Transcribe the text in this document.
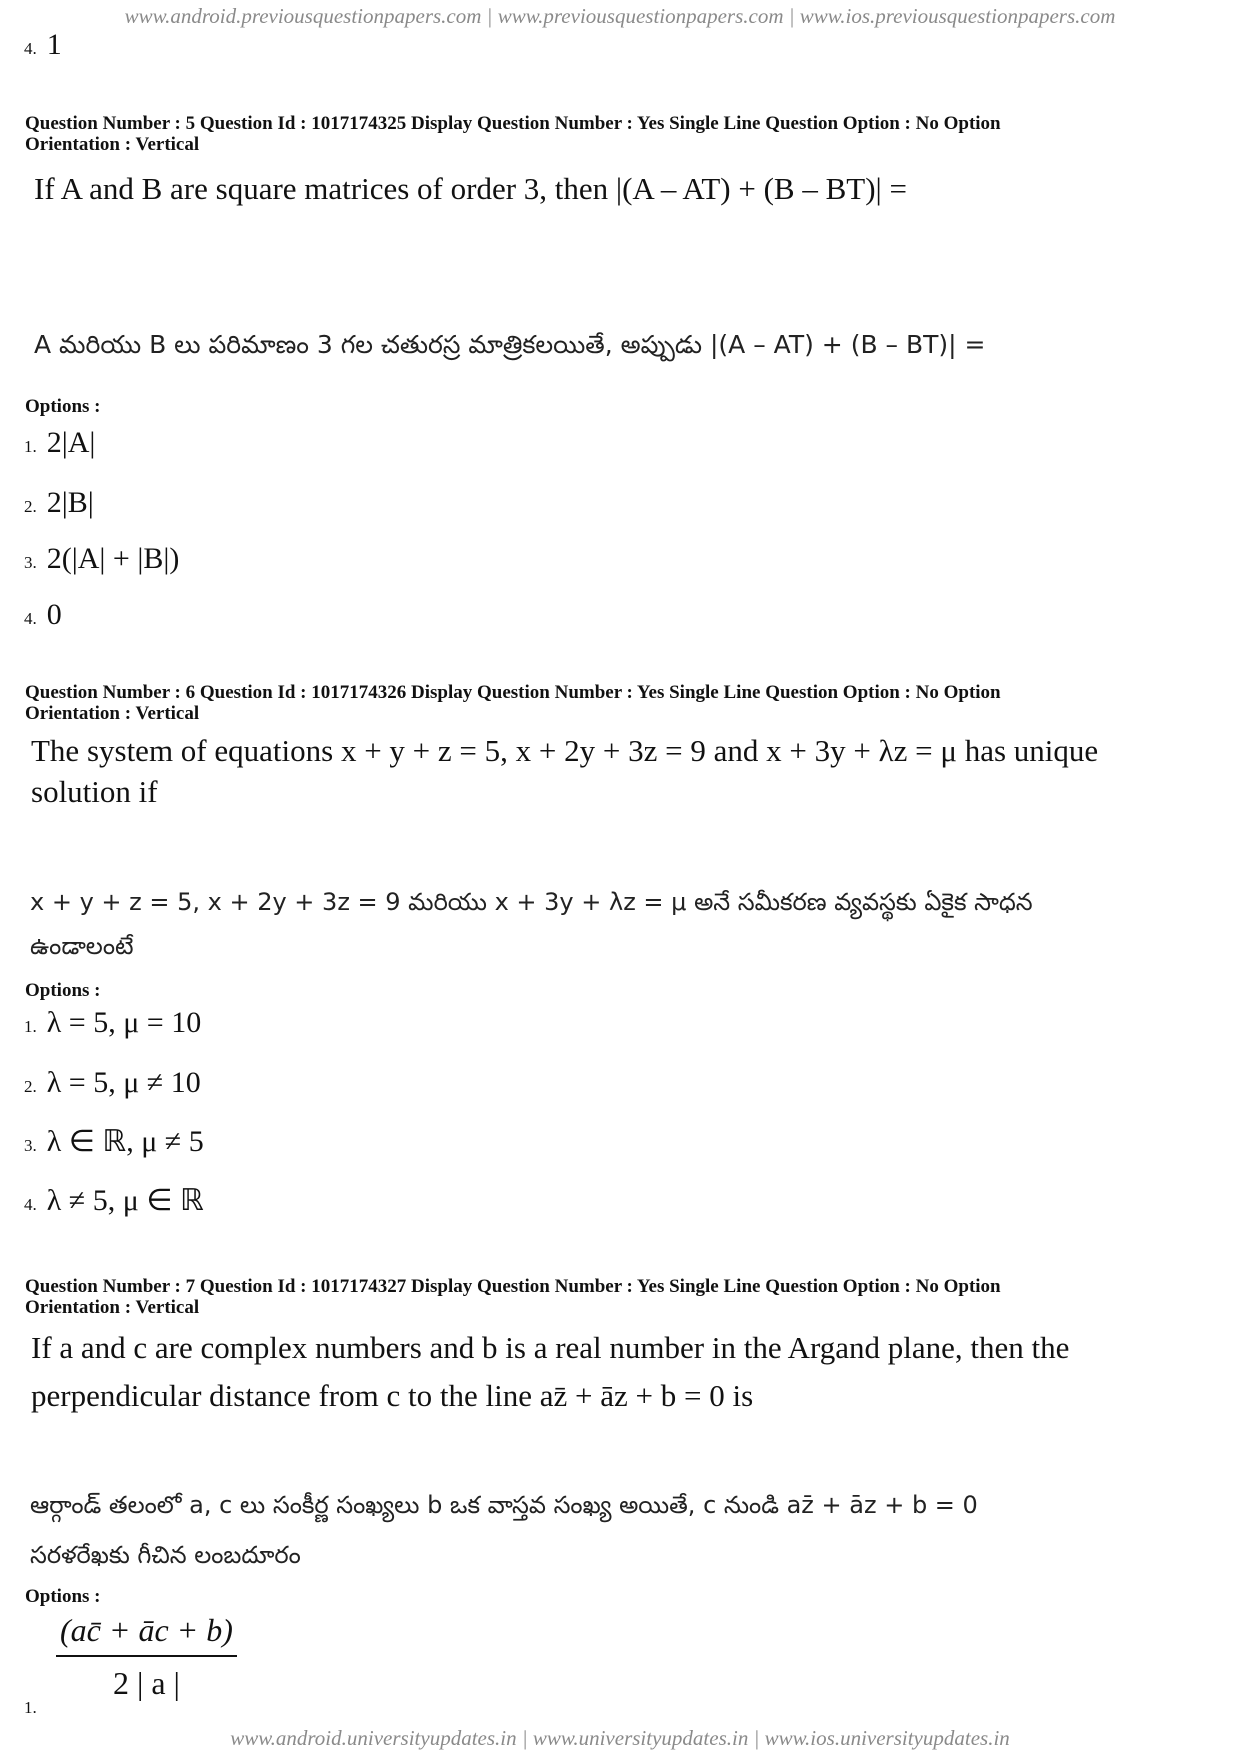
www.android.previousquestionpapers.com | www.previousquestionpapers.com | www.ios.previousquestionpapers.com
www.android.universityupdates.in | www.universityupdates.in | www.ios.universityupdates.in
4. 1
Question Number : 5 Question Id : 1017174325 Display Question Number : Yes Single Line Question Option : No Option
Orientation : Vertical
If A and B are square matrices of order 3, then |(A – AT) + (B – BT)| =
A మరియు B లు పరిమాణం 3 గల చతురస్ర మాత్రికలయితే, అప్పుడు |(A – AT) + (B – BT)| =
Options :
1. 2|A|
2. 2|B|
3. 2(|A| + |B|)
4. 0
Question Number : 6 Question Id : 1017174326 Display Question Number : Yes Single Line Question Option : No Option
Orientation : Vertical
The system of equations x + y + z = 5, x + 2y + 3z = 9 and x + 3y + λz = μ has unique
solution if
x + y + z = 5, x + 2y + 3z = 9 మరియు x + 3y + λz = μ అనే సమీకరణ వ్యవస్థకు ఏకైక సాధన
ఉండాలంటే
Options :
1. λ = 5, μ = 10
2. λ = 5, μ ≠ 10
3. λ ∈ ℝ, μ ≠ 5
4. λ ≠ 5, μ ∈ ℝ
Question Number : 7 Question Id : 1017174327 Display Question Number : Yes Single Line Question Option : No Option
Orientation : Vertical
If a and c are complex numbers and b is a real number in the Argand plane, then the
perpendicular distance from c to the line az̄ + āz + b = 0 is
ఆర్గాండ్ తలంలో a, c లు సంకీర్ణ సంఖ్యలు b ఒక వాస్తవ సంఖ్య అయితే, c నుండి az̄ + āz + b = 0
సరళరేఖకు గీచిన లంబదూరం
Options :
1.
$\frac{(ac̄ + āc + b)}{2 | a |}$
